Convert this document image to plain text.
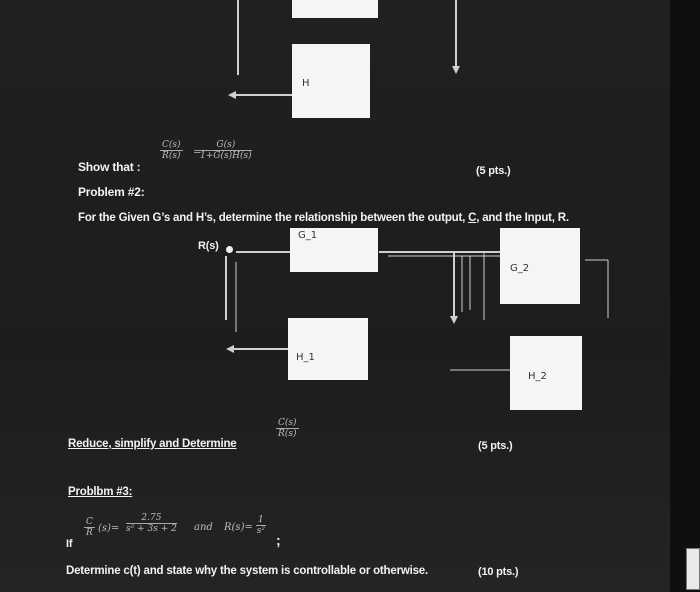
H
Show that :
$\frac{C(s)}{R(s)}$ =
$\frac{G(s)}{1+G(s)H(s)}$
(5 pts.)
Problem #2:
For the Given G’s and H’s, determine the relationship between the output, C, and the Input, R.
R(s)
G_1
G_2
H_1
H_2
Reduce, simplify and Determine
$\frac{C(s)}{R(s)}$
(5 pts.)
Problbm #3:
If
$\frac{C}{R} (s)= \frac{2.75}{\text{s² + 3s + 2}}$ and $R(s)= \frac{1}{\text{s²}}$
;
Determine c(t) and state why the system is controllable or otherwise.	(10 pts.)
